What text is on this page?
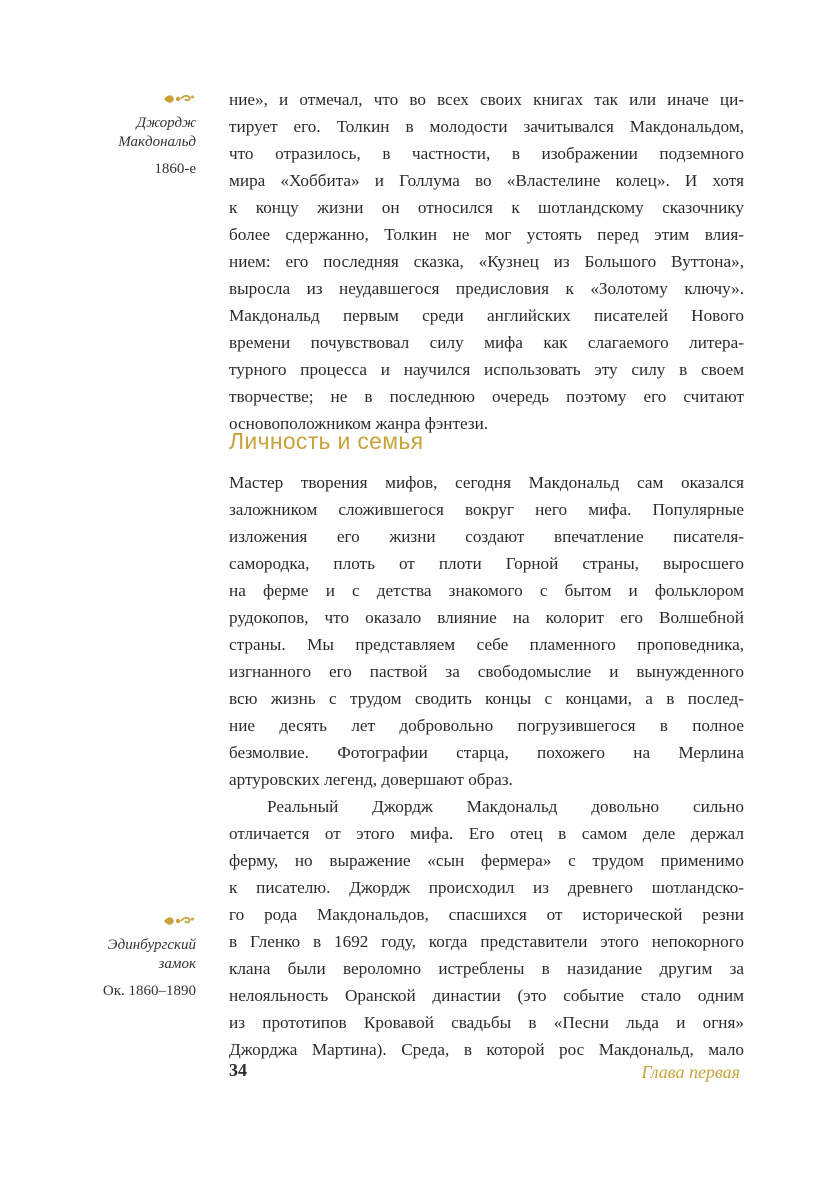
Джордж
Макдональд
1860-е
ние», и отмечал, что во всех своих книгах так или иначе ци-
тирует его. Толкин в молодости зачитывался Макдональдом,
что отразилось, в частности, в изображении подземного
мира «Хоббита» и Голлума во «Властелине колец». И хотя
к концу жизни он относился к шотландскому сказочнику
более сдержанно, Толкин не мог устоять перед этим влия-
нием: его последняя сказка, «Кузнец из Большого Вуттона»,
выросла из неудавшегося предисловия к «Золотому ключу».
Макдональд первым среди английских писателей Нового
времени почувствовал силу мифа как слагаемого литера-
турного процесса и научился использовать эту силу в своем
творчестве; не в последнюю очередь поэтому его считают
основоположником жанра фэнтези.
Личность и семья
Мастер творения мифов, сегодня Макдональд сам оказался
заложником сложившегося вокруг него мифа. Популярные
изложения его жизни создают впечатление писателя-
самородка, плоть от плоти Горной страны, выросшего
на ферме и с детства знакомого с бытом и фольклором
рудокопов, что оказало влияние на колорит его Волшебной
страны. Мы представляем себе пламенного проповедника,
изгнанного его паствой за свободомыслие и вынужденного
всю жизнь с трудом сводить концы с концами, а в послед-
ние десять лет добровольно погрузившегося в полное
безмолвие. Фотографии старца, похожего на Мерлина
артуровских легенд, довершают образ.
Реальный Джордж Макдональд довольно сильно
отличается от этого мифа. Его отец в самом деле держал
ферму, но выражение «сын фермера» с трудом применимо
к писателю. Джордж происходил из древнего шотландско-
го рода Макдональдов, спасшихся от исторической резни
в Гленко в 1692 году, когда представители этого непокорного
клана были вероломно истреблены в назидание другим за
нелояльность Оранской династии (это событие стало одним
из прототипов Кровавой свадьбы в «Песни льда и огня»
Джорджа Мартина). Среда, в которой рос Макдональд, мало
Эдинбургский
замок
Ок. 1860–1890
34	Глава первая
